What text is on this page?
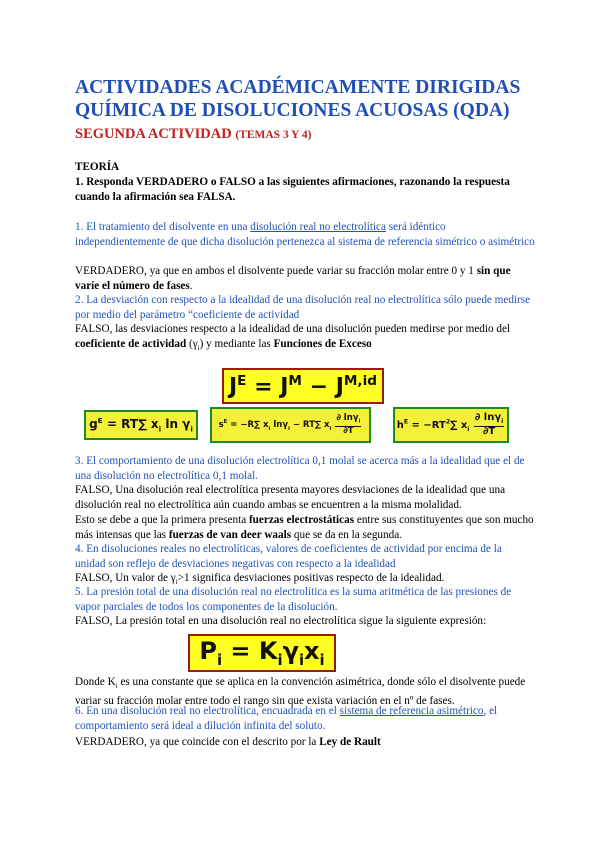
ACTIVIDADES ACADÉMICAMENTE DIRIGIDAS
QUÍMICA DE DISOLUCIONES ACUOSAS (QDA)
SEGUNDA ACTIVIDAD (TEMAS 3 Y 4)
TEORÍA
1. Responda VERDADERO o FALSO a las siguientes afirmaciones, razonando la respuesta cuando la afirmación sea FALSA.
1. El tratamiento del disolvente en una disolución real no electrolítica será idéntico independientemente de que dicha disolución pertenezca al sistema de referencia simétrico o asimétrico
VERDADERO, ya que en ambos el disolvente puede variar su fracción molar entre 0 y 1 sin que varíe el número de fases.
2. La desviación con respecto a la idealidad de una disolución real no electrolítica sólo puede medirse por medio del parámetro “coeficiente de actividad
FALSO, las desviaciones respecto a la idealidad de una disolución pueden medirse por medio del coeficiente de actividad $(\gamma_i)$ y mediante las Funciones de Exceso
$J^E = J^M - J^{M,id}$
$g^E = RT\sum$ $x_i$ $\ln \gamma_i$	$s^E = -R\sum$ $x_i$ lnγ$_i$ − RT∑ $x_i \frac{\partial \ln\gamma_i}{\partial T}$	$h^E = -RT^2\sum$ $x_i \frac{\partial \ln\gamma_i}{\partial T}$
3. El comportamiento de una disolución electrolítica 0,1 molal se acerca más a la idealidad que el de una disolución no electrolítica 0,1 molal.
FALSO, Una disolución real electrolítica presenta mayores desviaciones de la idealidad que una disolución real no electrolítica aún cuando ambas se encuentren a la misma molalidad.
Esto se debe a que la primera presenta fuerzas electrostáticas entre sus constituyentes que son mucho más intensas que las fuerzas de van deer waals que se da en la segunda.
4. En disoluciones reales no electrolíticas, valores de coeficientes de actividad por encima de la unidad son reflejo de desviaciones negativas con respecto a la idealidad
FALSO, Un valor de $\gamma_i>1$ significa desviaciones positivas respecto de la idealidad.
5. La presión total de una disolución real no electrolítica es la suma aritmética de las presiones de vapor parciales de todos los componentes de la disolución.
FALSO, La presión total en una disolución real no electrolítica sigue la siguiente expresión:
$P_i = K_i\gamma_ix_i$
Donde $K_i$ es una constante que se aplica en la convención asimétrica, donde sólo el disolvente puede variar su fracción molar entre todo el rango sin que exista variación en el nº de fases.
6. En una disolución real no electrolítica, encuadrada en el sistema de referencia asimétrico, el comportamiento será ideal a dilución infinita del soluto.
VERDADERO, ya que coincide con el descrito por la Ley de Rault
